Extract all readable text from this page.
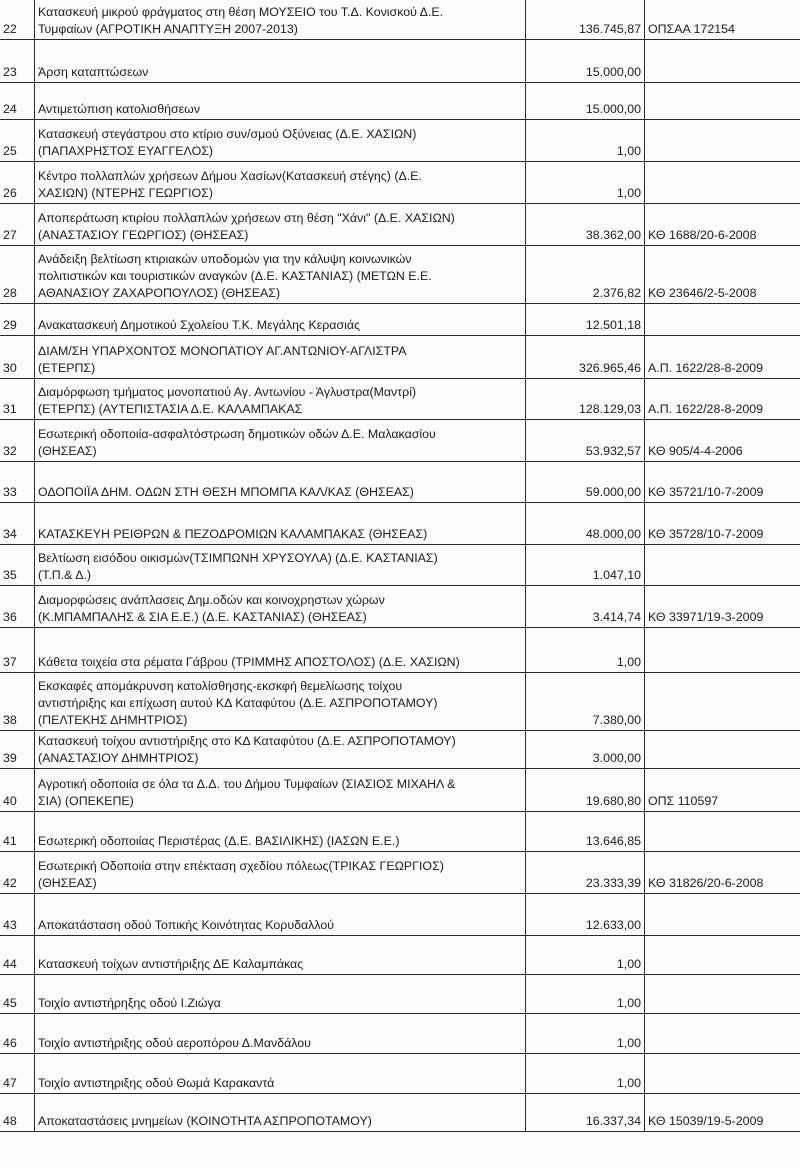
22	Κατασκευή μικρού φράγματος στη θέση ΜΟΥΣΕΙΟ του Τ.Δ. Κονισκού Δ.Ε.
Τυμφαίων (ΑΓΡΟΤΙΚΗ ΑΝΑΠΤΥΞΗ 2007-2013)	136.745,87	ΟΠΣΑΑ 172154
23	Άρση καταπτώσεων	15.000,00	
24	Αντιμετώπιση κατολισθήσεων	15.000,00	
25	Κατασκευή στεγάστρου στο κτίριο συν/σμού Οξύνειας (Δ.Ε. ΧΑΣΙΩΝ)
(ΠΑΠΑΧΡΗΣΤΟΣ ΕΥΑΓΓΕΛΟΣ)	1,00	
26	Κέντρο πολλαπλών χρήσεων Δήμου Χασίων(Κατασκευή στέγης) (Δ.Ε.
ΧΑΣΙΩΝ) (ΝΤΕΡΗΣ ΓΕΩΡΓΙΟΣ)	1,00	
27	Αποπεράτωση κτιρίου πολλαπλών χρήσεων στη θέση "Χάνι" (Δ.Ε. ΧΑΣΙΩΝ)
(ΑΝΑΣΤΑΣΙΟΥ ΓΕΩΡΓΙΟΣ) (ΘΗΣΕΑΣ)	38.362,00	ΚΘ 1688/20-6-2008
28	Ανάδειξη βελτίωση κτιριακών υποδομών για την κάλυψη κοινωνικών
πολιτιστικών και τουριστικών αναγκών (Δ.Ε. ΚΑΣΤΑΝΙΑΣ) (ΜΕΤΩΝ Ε.Ε.
ΑΘΑΝΑΣΙΟΥ ΖΑΧΑΡΟΠΟΥΛΟΣ) (ΘΗΣΕΑΣ)	2.376,82	ΚΘ 23646/2-5-2008
29	Ανακατασκευή Δημοτικού Σχολείου Τ.Κ. Μεγάλης Κερασιάς	12.501,18	
30	ΔΙΑΜ/ΣΗ ΥΠΑΡΧΟΝΤΟΣ ΜΟΝΟΠΑΤΙΟΥ ΑΓ.ΑΝΤΩΝΙΟΥ-ΑΓΛΙΣΤΡΑ
(ΕΤΕΡΠΣ)	326.965,46	Α.Π. 1622/28-8-2009
31	Διαμόρφωση τμήματος μονοπατιού Αγ. Αντωνίου - Άγλυστρα(Μαντρί)
(ΕΤΕΡΠΣ) (ΑΥΤΕΠΙΣΤΑΣΙΑ Δ.Ε. ΚΑΛΑΜΠΑΚΑΣ	128.129,03	Α.Π. 1622/28-8-2009
32	Εσωτερική οδοποιία-ασφαλτόστρωση δημοτικών οδών Δ.Ε. Μαλακασίου
(ΘΗΣΕΑΣ)	53.932,57	ΚΘ 905/4-4-2006
33	ΟΔΟΠΟΙΪΑ ΔΗΜ. ΟΔΩΝ ΣΤΗ ΘΕΣΗ ΜΠΟΜΠΑ ΚΑΛ/ΚΑΣ (ΘΗΣΕΑΣ)	59.000,00	ΚΘ 35721/10-7-2009
34	ΚΑΤΑΣΚΕΥΗ ΡΕΙΘΡΩΝ & ΠΕΖΟΔΡΟΜΙΩΝ ΚΑΛΑΜΠΑΚΑΣ (ΘΗΣΕΑΣ)	48.000,00	ΚΘ 35728/10-7-2009
35	Βελτίωση εισόδου οικισμών(ΤΣΙΜΠΩΝΗ ΧΡΥΣΟΥΛΑ) (Δ.Ε. ΚΑΣΤΑΝΙΑΣ)
(Τ.Π.& Δ.)	1.047,10	
36	Διαμορφώσεις ανάπλασεις Δημ.οδών και κοινοχρηστων χώρων
(Κ.ΜΠΑΜΠΑΛΗΣ & ΣΙΑ Ε.Ε.) (Δ.Ε. ΚΑΣΤΑΝΙΑΣ) (ΘΗΣΕΑΣ)	3.414,74	ΚΘ 33971/19-3-2009
37	Κάθετα τοιχεία στα ρέματα Γάβρου (ΤΡΙΜΜΗΣ ΑΠΟΣΤΟΛΟΣ) (Δ.Ε. ΧΑΣΙΩΝ)	1,00	
38	Εκσκαφές απομάκρυνση κατολίσθησης-εκσκφή θεμελίωσης τοίχου
αντιστήριξης και επίχωση αυτού ΚΔ Καταφύτου (Δ.Ε. ΑΣΠΡΟΠΟΤΑΜΟΥ)
(ΠΕΛΤΕΚΗΣ ΔΗΜΗΤΡΙΟΣ)	7.380,00	
39	Κατασκευή τοίχου αντιστήριξης στο ΚΔ Καταφύτου (Δ.Ε. ΑΣΠΡΟΠΟΤΑΜΟΥ)
(ΑΝΑΣΤΑΣΙΟΥ ΔΗΜΗΤΡΙΟΣ)	3.000,00	
40	Αγροτική οδοποιία σε όλα τα Δ.Δ. του Δήμου Τυμφαίων (ΣΙΑΣΙΟΣ ΜΙΧΑΗΛ &
ΣΙΑ) (ΟΠΕΚΕΠΕ)	19.680,80	ΟΠΣ 110597
41	Εσωτερική οδοποιίας Περιστέρας (Δ.Ε. ΒΑΣΙΛΙΚΗΣ) (ΙΑΣΩΝ Ε.Ε.)	13.646,85	
42	Εσωτερική Οδοποιία στην επέκταση σχεδίου πόλεως(ΤΡΙΚΑΣ ΓΕΩΡΓΙΟΣ)
(ΘΗΣΕΑΣ)	23.333,39	ΚΘ 31826/20-6-2008
43	Αποκατάσταση οδού Τοπικής Κοινότητας Κορυδαλλού	12.633,00	
44	Κατασκευή τοίχων αντιστήριξης ΔΕ Καλαμπάκας	1,00	
45	Τοιχίο αντιστήρηξης οδού Ι.Ζιώγα	1,00	
46	Τοιχίο αντιστήριξης οδού αεροπόρου Δ.Μανδάλου	1,00	
47	Τοιχίο αντιστηριξης οδού Θωμά Καρακαντά	1,00	
48	Αποκαταστάσεις μνημείων (ΚΟΙΝΟΤΗΤΑ ΑΣΠΡΟΠΟΤΑΜΟΥ)	16.337,34	ΚΘ 15039/19-5-2009
